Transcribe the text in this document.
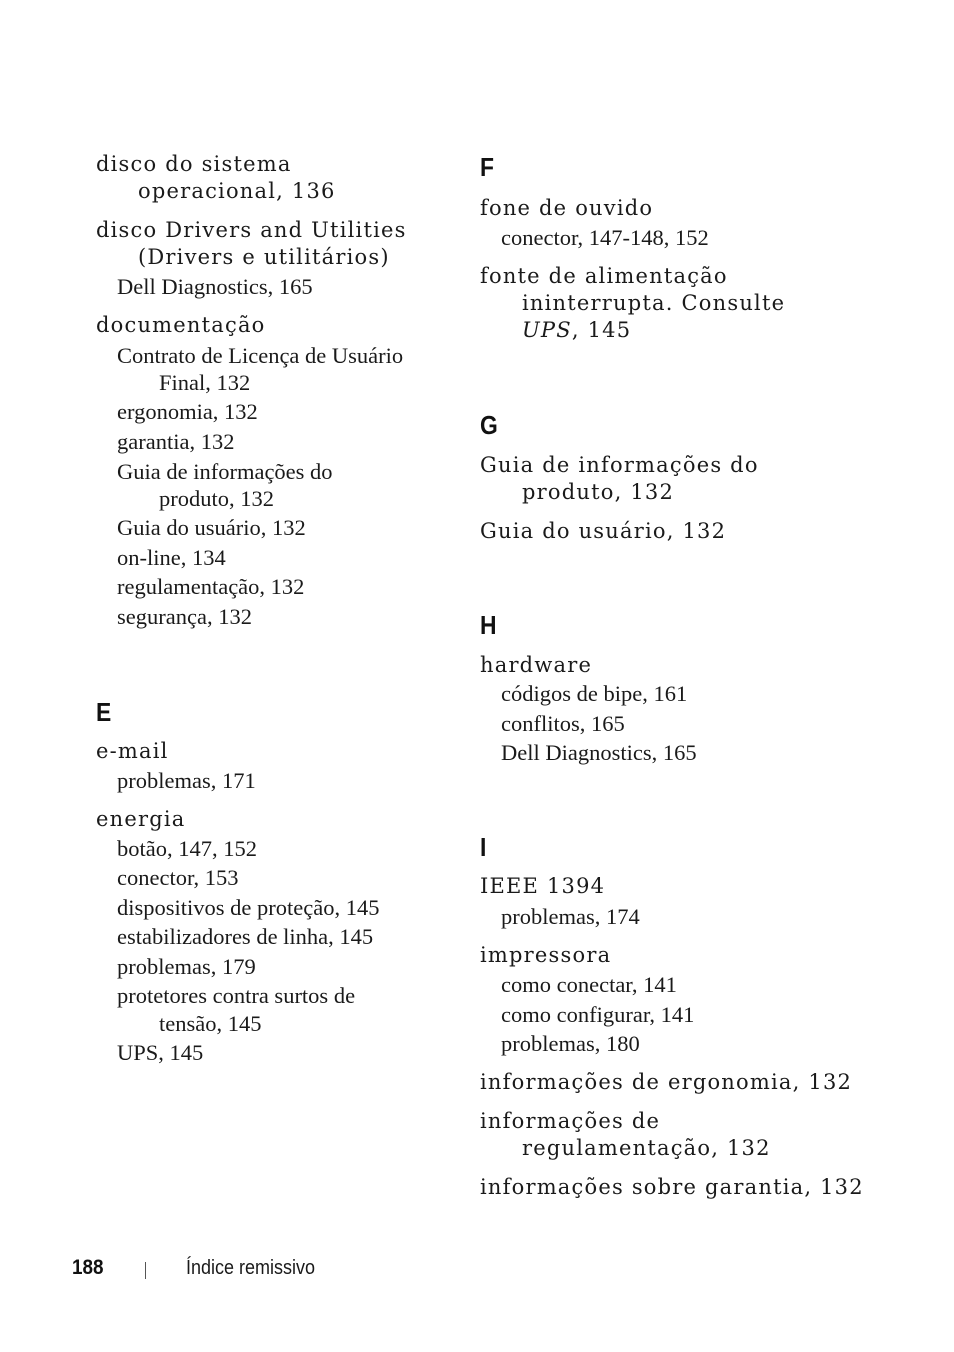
disco do sistema
operacional, 136
disco Drivers and Utilities
(Drivers e utilitários)
Dell Diagnostics, 165
documentação
Contrato de Licença de Usuário
Final, 132
ergonomia, 132
garantia, 132
Guia de informações do
produto, 132
Guia do usuário, 132
on-line, 134
regulamentação, 132
segurança, 132
E
e-mail
problemas, 171
energia
botão, 147, 152
conector, 153
dispositivos de proteção, 145
estabilizadores de linha, 145
problemas, 179
protetores contra surtos de
tensão, 145
UPS, 145
F
fone de ouvido
conector, 147-148, 152
fonte de alimentação
ininterrupta. Consulte
UPS, 145
G
Guia de informações do
produto, 132
Guia do usuário, 132
H
hardware
códigos de bipe, 161
conflitos, 165
Dell Diagnostics, 165
I
IEEE 1394
problemas, 174
impressora
como conectar, 141
como configurar, 141
problemas, 180
informações de ergonomia, 132
informações de
regulamentação, 132
informações sobre garantia, 132
188	Índice remissivo
